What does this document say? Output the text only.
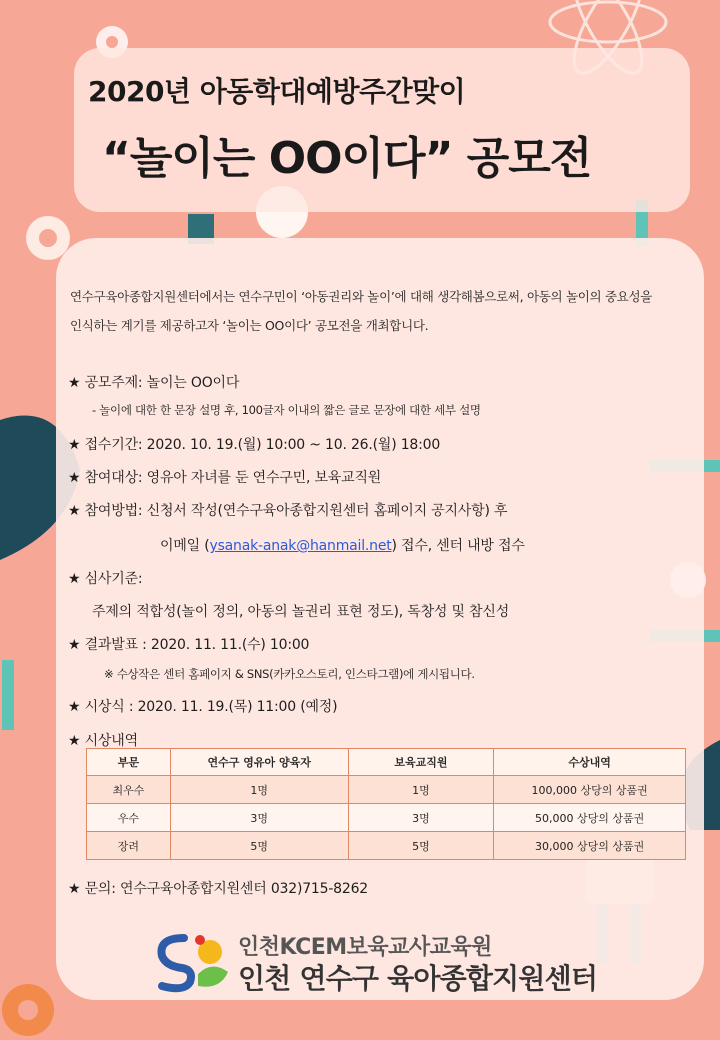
2020년 아동학대예방주간맞이
“놀이는 OO이다” 공모전
연수구육아종합지원센터에서는 연수구민이 ‘아동권리와 놀이’에 대해 생각해봄으로써, 아동의 놀이의 중요성을 인식하는 계기를 제공하고자 ‘놀이는 OO이다’ 공모전을 개최합니다.
★ 공모주제: 놀이는 OO이다
- 놀이에 대한 한 문장 설명 후, 100글자 이내의 짧은 글로 문장에 대한 세부 설명
★ 접수기간: 2020. 10. 19.(월) 10:00 ~ 10. 26.(월) 18:00
★ 참여대상: 영유아 자녀를 둔 연수구민, 보육교직원
★ 참여방법: 신청서 작성(연수구육아종합지원센터 홈페이지 공지사항) 후
이메일 (ysanak-anak@hanmail.net) 접수, 센터 내방 접수
★ 심사기준:
주제의 적합성(놀이 정의, 아동의 놀권리 표현 정도), 독창성 및 참신성
★ 결과발표 : 2020. 11. 11.(수) 10:00
※ 수상작은 센터 홈페이지 & SNS(카카오스토리, 인스타그램)에 게시됩니다.
★ 시상식 : 2020. 11. 19.(목) 11:00 (예정)
★ 시상내역
부문	연수구 영유아 양육자	보육교직원	수상내역
최우수	1명	1명	100,000 상당의 상품권
우수	3명	3명	50,000 상당의 상품권
장려	5명	5명	30,000 상당의 상품권
★ 문의: 연수구육아종합지원센터 032)715-8262
인천KCEM보육교사교육원
인천 연수구 육아종합지원센터
